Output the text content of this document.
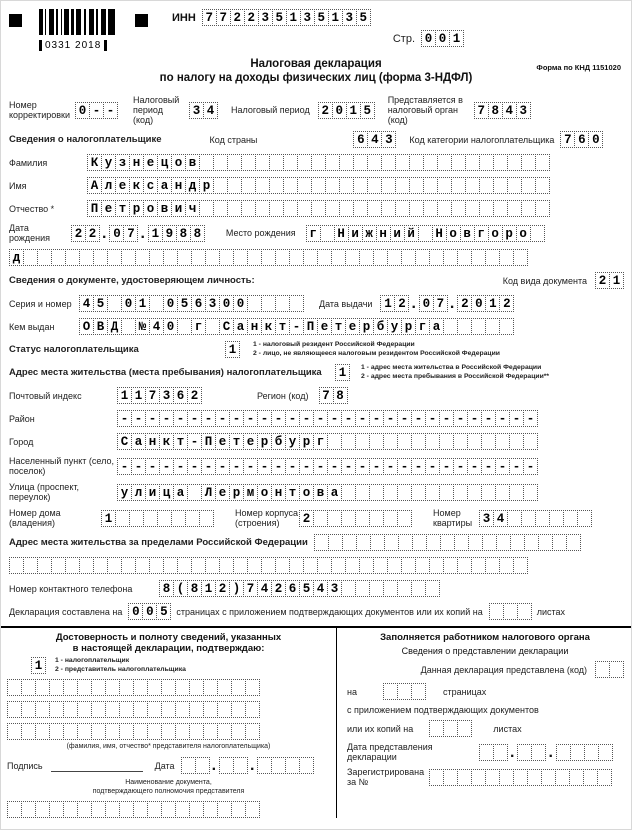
0331 2018
ИНН 7 7 2 2 3 5 1 3 5 1 3 5
Стр. 0 0 1
Налоговая декларация
по налогу на доходы физических лиц (форма 3-НДФЛ)
Форма по КНД 1151020
Номер корректировки 0 - -
Налоговый период (код)
3 4	Налоговый период 2 0 1 5
Представляется в налоговый орган (код)
7 8 4 3
Сведения о налогоплательщике	Код страны	6 4 3	Код категории налогоплательщика 7 6 0
Фамилия	К у з н е ц о в

Имя	А л е к с а н д р

Отчество *	П е т р о в и ч

Дата рождения	2 2 . 0 7 . 1 9 8 8	Место рождения г
	Н и ж н и й
	Н о в г о р о

д

Сведения о документе, удостоверяющем личность:	Код вида документа 2 1
Серия и номер 4 5
	0 1
	0 5 6 3 0 0

	Дата выдачи 1 2 . 0 7 . 2 0 1 2
Кем выдан	О В Д
	№ 4 0
	г
	С а н к т - П е т е р б у р г а

Статус налогоплательщика	1	1 - налоговый резидент Российской Федерации
2 - лицо, не являющееся налоговым резидентом Российской Федерации
Адрес места жительства (места пребывания) налогоплательщика	1	1 - адрес места жительства в Российской Федерации
2 - адрес места пребывания в Российской Федерации**
Почтовый индекс	1 1 7 3 6 2	Регион (код) 7 8
Район	- - - - - - - - - - - - - - - - - - - - - - - - - - - - - -
Город	С а н к т - П е т е р б у р г

Населенный пункт (село, поселок)	- - - - - - - - - - - - - - - - - - - - - - - - - - - - - -
Улица (проспект, переулок)	у л и ц а
	Л е р м о н т о в а

Номер дома (владения)	1

	Номер корпуса (строения)	2

	Номер квартиры 3 4

Адрес места жительства за пределами Российской Федерации

Номер контактного телефона	8 ( 8 1 2 ) 7 4 2 6 5 4 3

Декларация составлена на 0 0 5 страницах с приложением подтверждающих документов или их копий на

	листах
Достоверность и полноту сведений, указанных
в настоящей декларации, подтверждаю:
1	1 - налогоплательщик
2 - представитель налогоплательщика

(фамилия, имя, отчество* представителя налогоплательщика)
Подпись	Дата

.

.

Наименование документа,
подтверждающего полномочия представителя

Заполняется работником налогового органа
Сведения о представлении декларации
Данная декларация представлена (код)

на

	страницах
с приложением подтверждающих документов
или их копий на

	листах
Дата представления
декларации

	.

.

Зарегистрирована
за №
